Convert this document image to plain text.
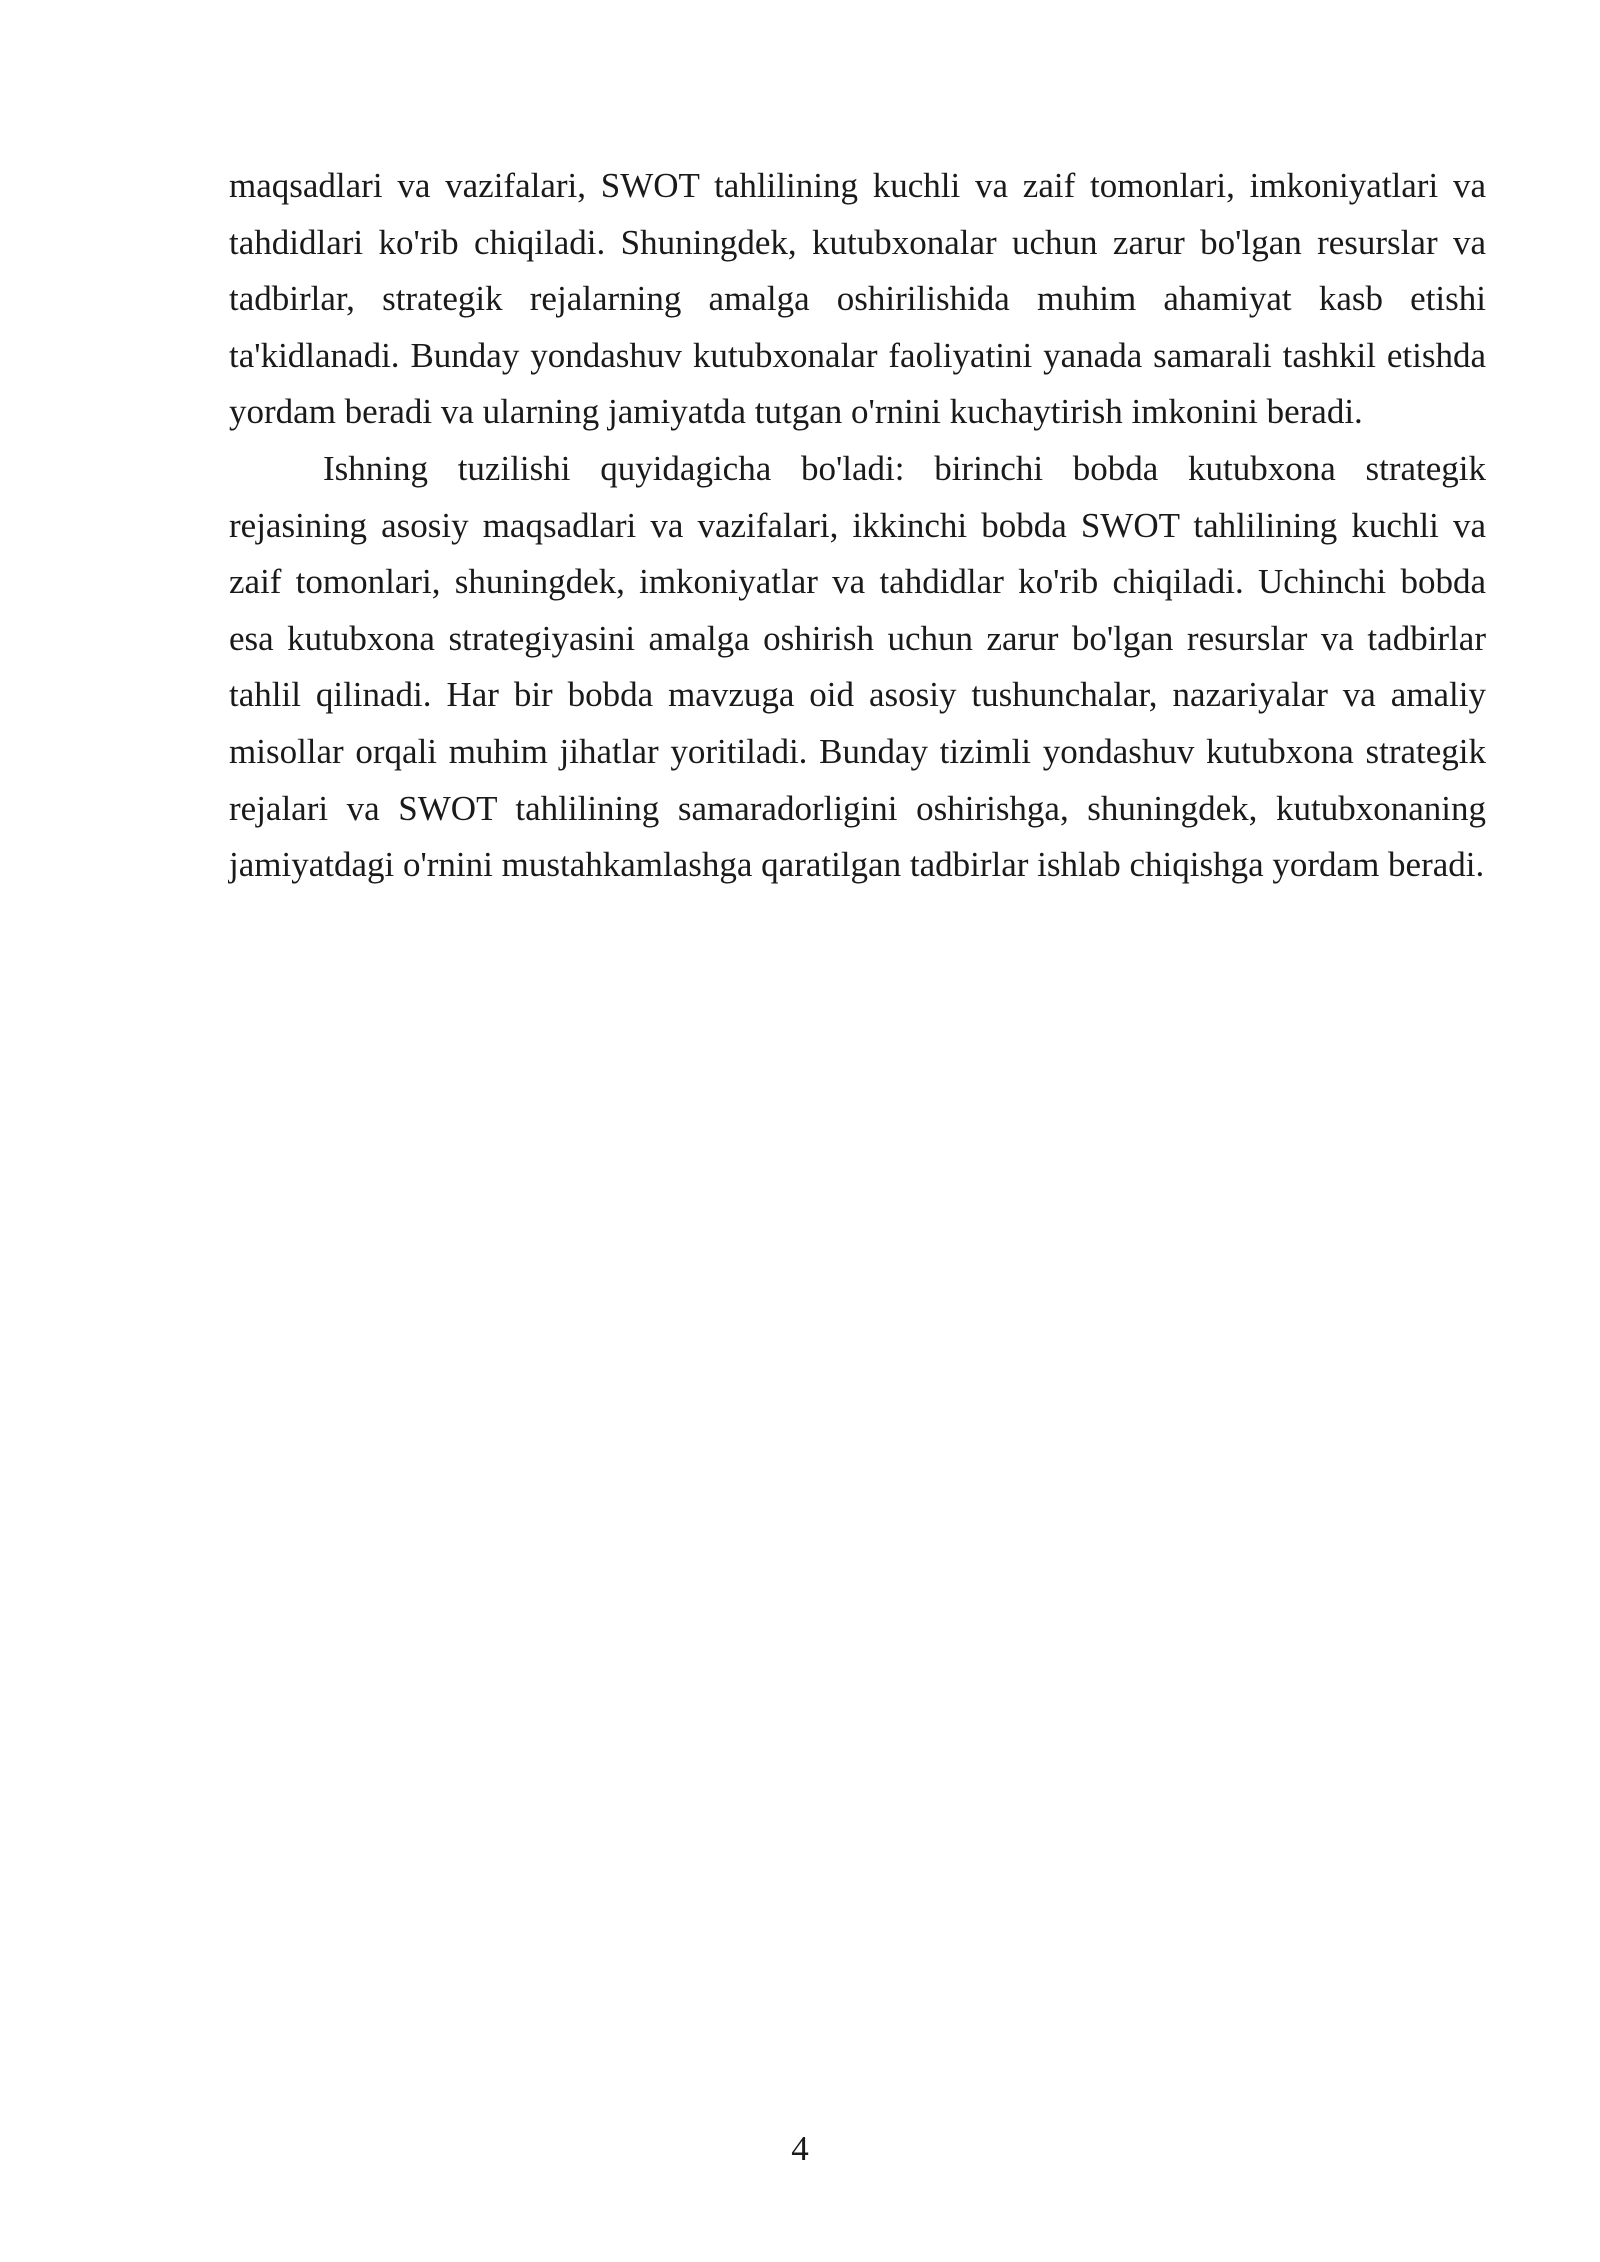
maqsadlari va vazifalari, SWOT tahlilining kuchli va zaif tomonlari, imkoniyatlari va tahdidlari ko'rib chiqiladi. Shuningdek, kutubxonalar uchun zarur bo'lgan resurslar va tadbirlar, strategik rejalarning amalga oshirilishida muhim ahamiyat kasb etishi ta'kidlanadi. Bunday yondashuv kutubxonalar faoliyatini yanada samarali tashkil etishda yordam beradi va ularning jamiyatda tutgan o'rnini kuchaytirish imkonini beradi.

Ishning tuzilishi quyidagicha bo'ladi: birinchi bobda kutubxona strategik rejasining asosiy maqsadlari va vazifalari, ikkinchi bobda SWOT tahlilining kuchli va zaif tomonlari, shuningdek, imkoniyatlar va tahdidlar ko'rib chiqiladi. Uchinchi bobda esa kutubxona strategiyasini amalga oshirish uchun zarur bo'lgan resurslar va tadbirlar tahlil qilinadi. Har bir bobda mavzuga oid asosiy tushunchalar, nazariyalar va amaliy misollar orqali muhim jihatlar yoritiladi. Bunday tizimli yondashuv kutubxona strategik rejalari va SWOT tahlilining samaradorligini oshirishga, shuningdek, kutubxonaning jamiyatdagi o'rnini mustahkamlashga qaratilgan tadbirlar ishlab chiqishga yordam beradi.

4
